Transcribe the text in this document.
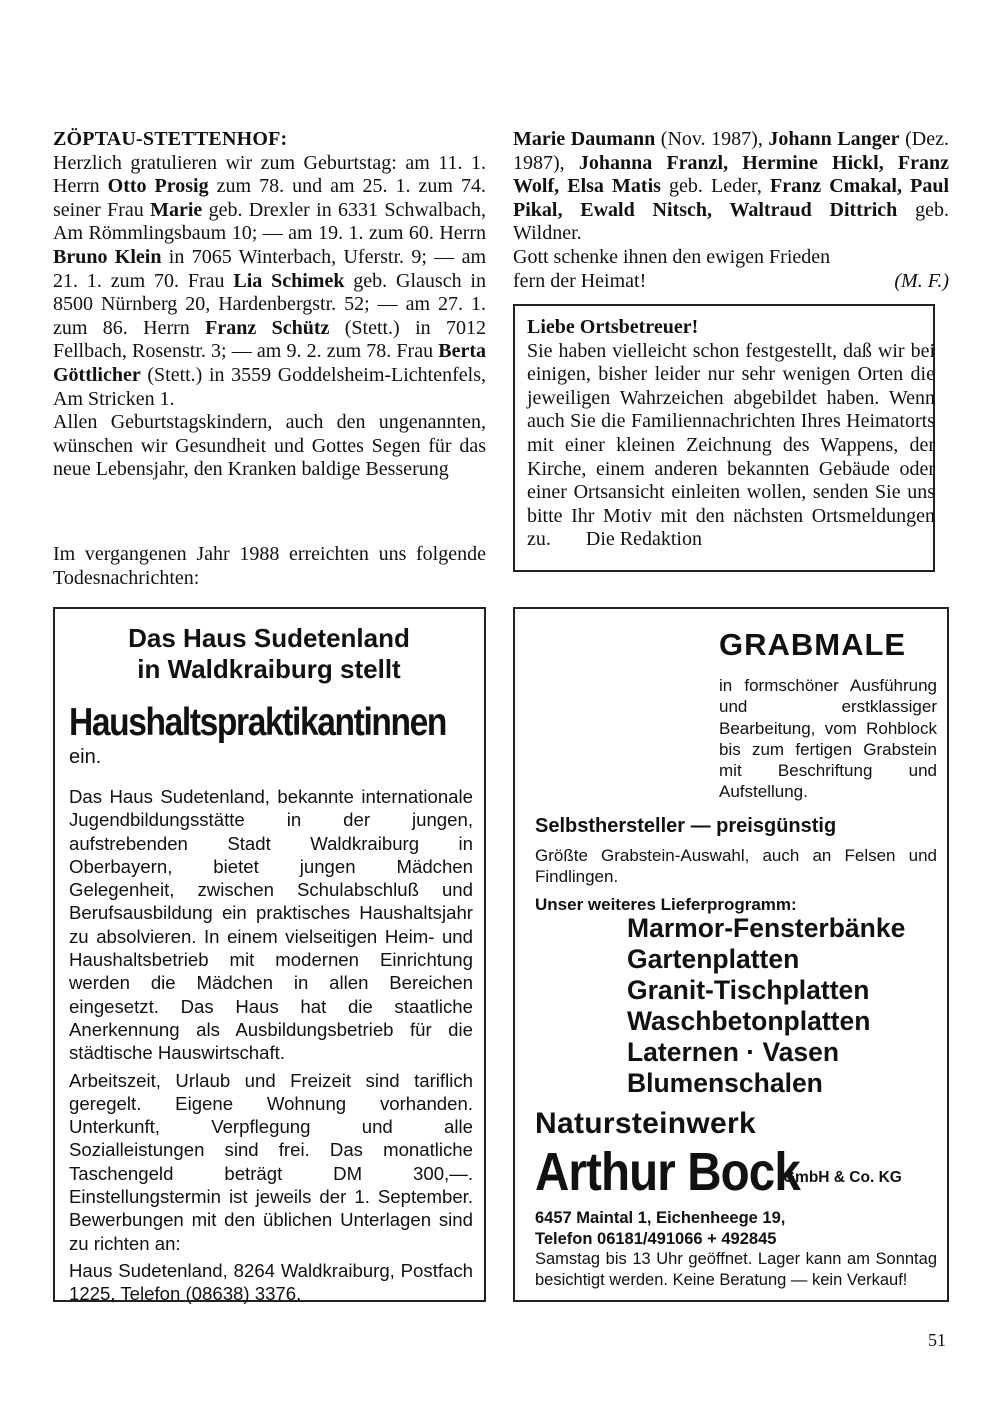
ZÖPTAU-STETTENHOF:

Herzlich gratulieren wir zum Geburtstag: am 11. 1. Herrn Otto Prosig zum 78. und am 25. 1. zum 74. seiner Frau Marie geb. Drexler in 6331 Schwalbach, Am Römmlingsbaum 10; — am 19. 1. zum 60. Herrn Bruno Klein in 7065 Winterbach, Uferstr. 9; — am 21. 1. zum 70. Frau Lia Schimek geb. Glausch in 8500 Nürnberg 20, Hardenbergstr. 52; — am 27. 1. zum 86. Herrn Franz Schütz (Stett.) in 7012 Fellbach, Rosenstr. 3; — am 9. 2. zum 78. Frau Berta Göttlicher (Stett.) in 3559 Goddelsheim-Lichtenfels, Am Stricken 1.

Allen Geburtstagskindern, auch den ungenannten, wünschen wir Gesundheit und Gottes Segen für das neue Lebensjahr, den Kranken baldige Besserung

Im vergangenen Jahr 1988 erreichten uns folgende Todesnachrichten:

Marie Daumann (Nov. 1987), Johann Langer (Dez. 1987), Johanna Franzl, Hermine Hickl, Franz Wolf, Elsa Matis geb. Leder, Franz Cmakal, Paul Pikal, Ewald Nitsch, Waltraud Dittrich geb. Wildner.

Gott schenke ihnen den ewigen Frieden fern der Heimat!	(M. F.)

Liebe Ortsbetreuer!

Sie haben vielleicht schon festgestellt, daß wir bei einigen, bisher leider nur sehr wenigen Orten die jeweiligen Wahrzeichen abgebildet haben. Wenn auch Sie die Familiennachrichten Ihres Heimatorts mit einer kleinen Zeichnung des Wappens, der Kirche, einem anderen bekannten Gebäude oder einer Ortsansicht einleiten wollen, senden Sie uns bitte Ihr Motiv mit den nächsten Ortsmeldungen zu. Die Redaktion

Das Haus Sudetenland
in Waldkraiburg stellt
Haushaltspraktikantinnen
ein.

Das Haus Sudetenland, bekannte internationale Jugendbildungsstätte in der jungen, aufstrebenden Stadt Waldkraiburg in Oberbayern, bietet jungen Mädchen Gelegenheit, zwischen Schulabschluß und Berufsausbildung ein praktisches Haushaltsjahr zu absolvieren. In einem vielseitigen Heim- und Haushaltsbetrieb mit modernen Einrichtung werden die Mädchen in allen Bereichen eingesetzt. Das Haus hat die staatliche Anerkennung als Ausbildungsbetrieb für die städtische Hauswirtschaft.

Arbeitszeit, Urlaub und Freizeit sind tariflich geregelt. Eigene Wohnung vorhanden. Unterkunft, Verpflegung und alle Sozialleistungen sind frei. Das monatliche Taschengeld beträgt DM 300,—. Einstellungstermin ist jeweils der 1. September. Bewerbungen mit den üblichen Unterlagen sind zu richten an:

Haus Sudetenland, 8264 Waldkraiburg, Postfach 1225, Telefon (08638) 3376.

GRABMALE
in formschöner Ausführung und erstklassiger Bearbeitung, vom Rohblock bis zum fertigen Grabstein mit Beschriftung und Aufstellung.
Selbsthersteller — preisgünstig
Größte Grabstein-Auswahl, auch an Felsen und Findlingen.
Unser weiteres Lieferprogramm:
Marmor-Fensterbänke
Gartenplatten
Granit-Tischplatten
Waschbetonplatten
Laternen · Vasen
Blumenschalen
Natursteinwerk
Arthur Bock
GmbH & Co. KG
6457 Maintal 1, Eichenheege 19,
Telefon 06181/491066 + 492845
Samstag bis 13 Uhr geöffnet. Lager kann am Sonntag besichtigt werden. Keine Beratung — kein Verkauf!
51
